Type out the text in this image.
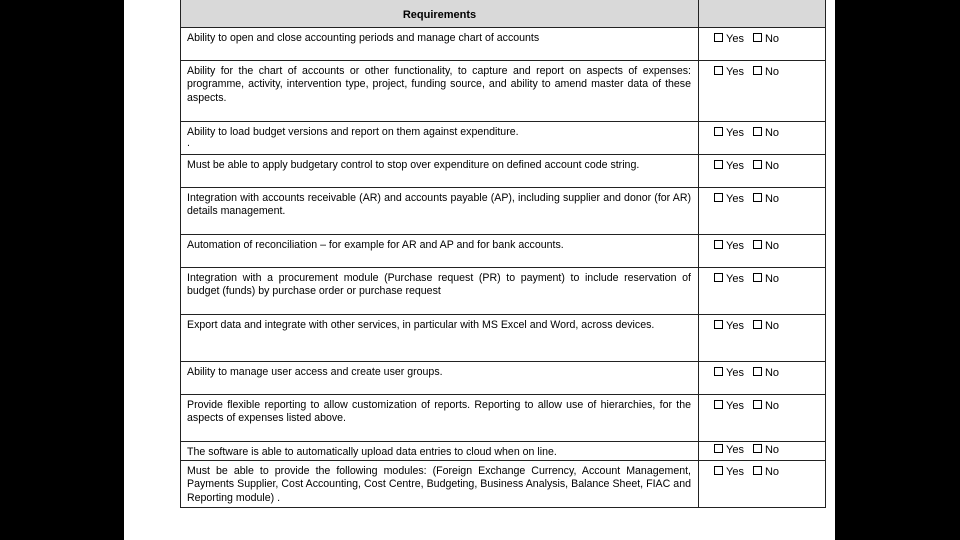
Requirements	

Ability to open and close accounting periods and manage chart of accounts	Yes No

Ability for the chart of accounts or other functionality, to capture and report on aspects of expenses: programme, activity, intervention type, project, funding source, and ability to amend master data of these aspects.	Yes No

Ability to load budget versions and report on them against expenditure.
.	Yes No

Must be able to apply budgetary control to stop over expenditure on defined account code string.	Yes No

Integration with accounts receivable (AR) and accounts payable (AP), including supplier and donor (for AR) details management.	Yes No

Automation of reconciliation – for example for AR and AP and for bank accounts.	Yes No

Integration with a procurement module (Purchase request (PR) to payment) to include reservation of budget (funds) by purchase order or purchase request	Yes No

Export data and integrate with other services, in particular with MS Excel and Word, across devices.	Yes No

Ability to manage user access and create user groups.	Yes No

Provide flexible reporting to allow customization of reports. Reporting to allow use of hierarchies, for the aspects of expenses listed above.	Yes No

The software is able to automatically upload data entries to cloud when on line.	Yes No

Must be able to provide the following modules: (Foreign Exchange Currency, Account Management, Payments Supplier, Cost Accounting, Cost Centre, Budgeting, Business Analysis, Balance Sheet, FIAC and Reporting module) .	Yes No
